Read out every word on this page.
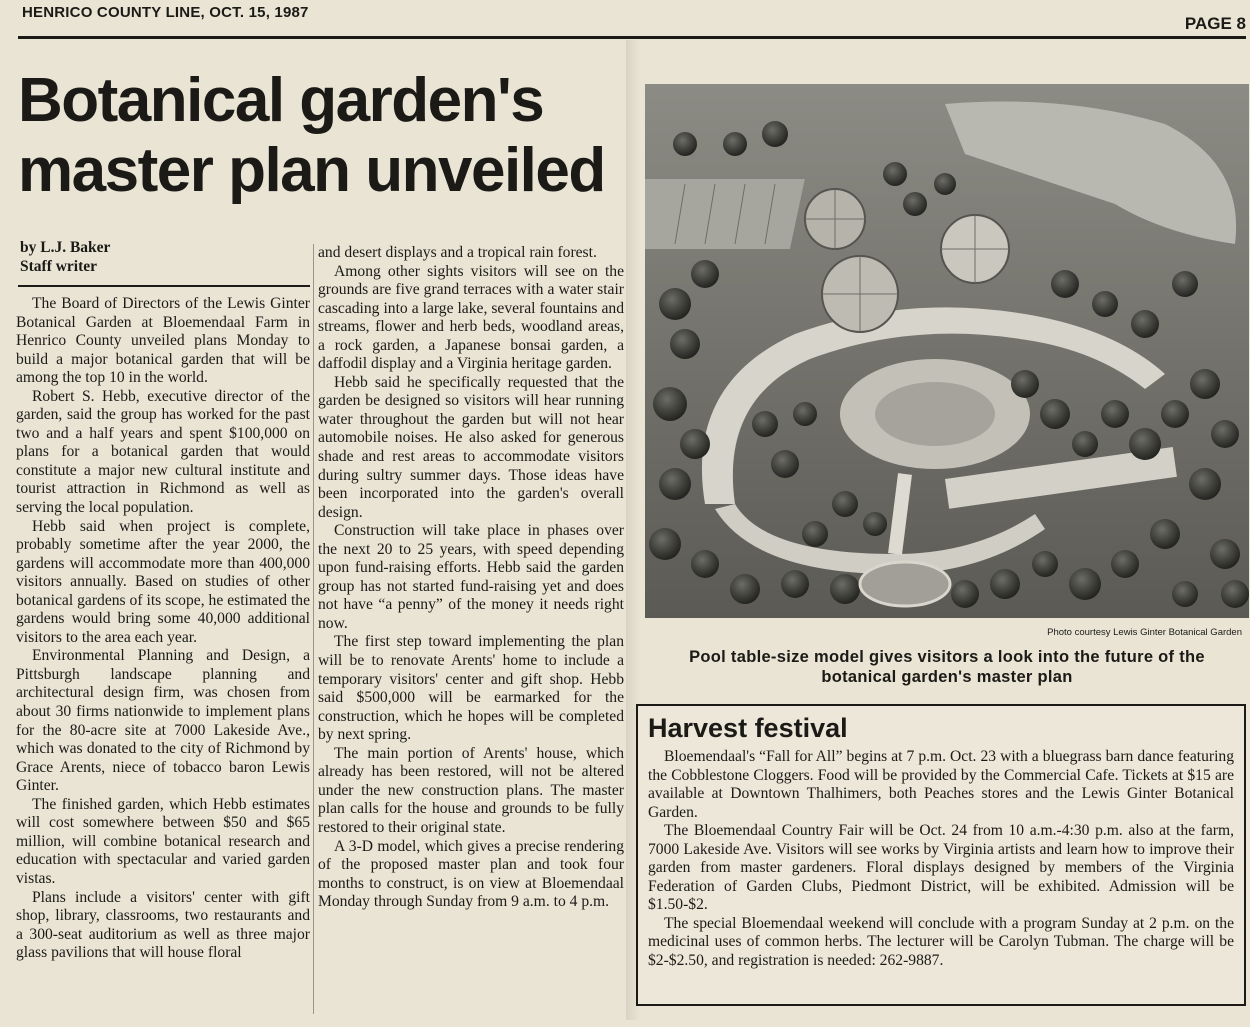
HENRICO COUNTY LINE, OCT. 15, 1987
PAGE 8
Botanical garden's master plan unveiled
by L.J. Baker
Staff writer

The Board of Directors of the Lewis Ginter Botanical Garden at Bloemendaal Farm in Henrico County unveiled plans Monday to build a major botanical garden that will be among the top 10 in the world.

Robert S. Hebb, executive director of the garden, said the group has worked for the past two and a half years and spent $100,000 on plans for a botanical garden that would constitute a major new cultural institute and tourist attraction in Richmond as well as serving the local population.

Hebb said when project is complete, probably sometime after the year 2000, the gardens will accommodate more than 400,000 visitors annually. Based on studies of other botanical gardens of its scope, he estimated the gardens would bring some 40,000 additional visitors to the area each year.

Environmental Planning and Design, a Pittsburgh landscape planning and architectural design firm, was chosen from about 30 firms nationwide to implement plans for the 80-acre site at 7000 Lakeside Ave., which was donated to the city of Richmond by Grace Arents, niece of tobacco baron Lewis Ginter.

The finished garden, which Hebb estimates will cost somewhere between $50 and $65 million, will combine botanical research and education with spectacular and varied garden vistas.

Plans include a visitors' center with gift shop, library, classrooms, two restaurants and a 300-seat auditorium as well as three major glass pavilions that will house floral

and desert displays and a tropical rain forest.

Among other sights visitors will see on the grounds are five grand terraces with a water stair cascading into a large lake, several fountains and streams, flower and herb beds, woodland areas, a rock garden, a Japanese bonsai garden, a daffodil display and a Virginia heritage garden.

Hebb said he specifically requested that the garden be designed so visitors will hear running water throughout the garden but will not hear automobile noises. He also asked for generous shade and rest areas to accommodate visitors during sultry summer days. Those ideas have been incorporated into the garden's overall design.

Construction will take place in phases over the next 20 to 25 years, with speed depending upon fund-raising efforts. Hebb said the garden group has not started fund-raising yet and does not have “a penny” of the money it needs right now.

The first step toward implementing the plan will be to renovate Arents' home to include a temporary visitors' center and gift shop. Hebb said $500,000 will be earmarked for the construction, which he hopes will be completed by next spring.

The main portion of Arents' house, which already has been restored, will not be altered under the new construction plans. The master plan calls for the house and grounds to be fully restored to their original state.

A 3-D model, which gives a precise rendering of the proposed master plan and took four months to construct, is on view at Bloemendaal Monday through Sunday from 9 a.m. to 4 p.m.

Photo courtesy Lewis Ginter Botanical Garden
Pool table-size model gives visitors a look into the future of the
botanical garden's master plan
Harvest festival

Bloemendaal's “Fall for All” begins at 7 p.m. Oct. 23 with a bluegrass barn dance featuring the Cobblestone Cloggers. Food will be provided by the Commercial Cafe. Tickets at $15 are available at Downtown Thalhimers, both Peaches stores and the Lewis Ginter Botanical Garden.

The Bloemendaal Country Fair will be Oct. 24 from 10 a.m.-4:30 p.m. also at the farm, 7000 Lakeside Ave. Visitors will see works by Virginia artists and learn how to improve their garden from master gardeners. Floral displays designed by members of the Virginia Federation of Garden Clubs, Piedmont District, will be exhibited. Admission will be $1.50-$2.

The special Bloemendaal weekend will conclude with a program Sunday at 2 p.m. on the medicinal uses of common herbs. The lecturer will be Carolyn Tubman. The charge will be $2-$2.50, and registration is needed: 262-9887.
